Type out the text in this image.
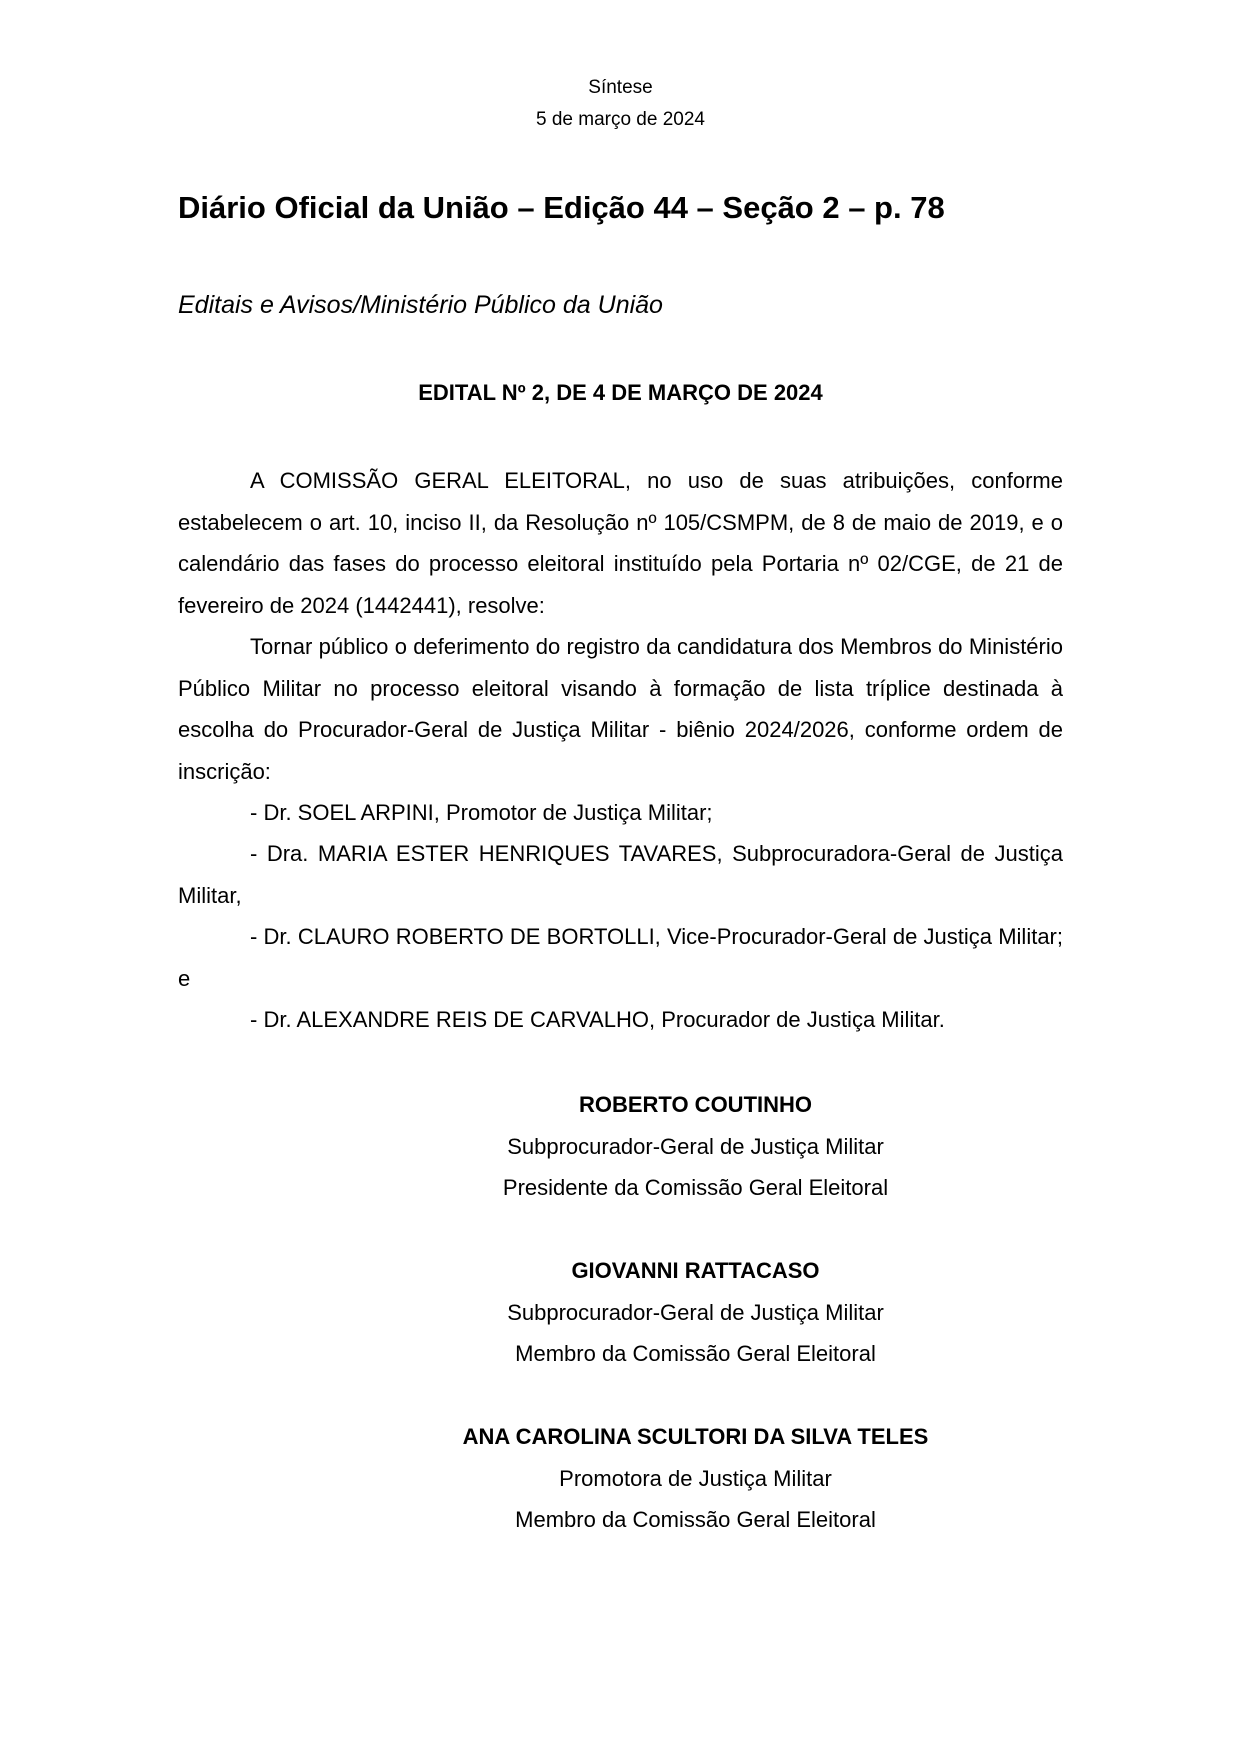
Síntese
5 de março de 2024
Diário Oficial da União – Edição 44 – Seção 2 – p. 78
Editais e Avisos/Ministério Público da União
EDITAL Nº 2, DE 4 DE MARÇO DE 2024

A COMISSÃO GERAL ELEITORAL, no uso de suas atribuições, conforme estabelecem o art. 10, inciso II, da Resolução nº 105/CSMPM, de 8 de maio de 2019, e o calendário das fases do processo eleitoral instituído pela Portaria nº 02/CGE, de 21 de fevereiro de 2024 (1442441), resolve:

Tornar público o deferimento do registro da candidatura dos Membros do Ministério Público Militar no processo eleitoral visando à formação de lista tríplice destinada à escolha do Procurador-Geral de Justiça Militar - biênio 2024/2026, conforme ordem de inscrição:

- Dr. SOEL ARPINI, Promotor de Justiça Militar;

- Dra. MARIA ESTER HENRIQUES TAVARES, Subprocuradora-Geral de Justiça Militar,

- Dr. CLAURO ROBERTO DE BORTOLLI, Vice-Procurador-Geral de Justiça Militar; e

- Dr. ALEXANDRE REIS DE CARVALHO, Procurador de Justiça Militar.

ROBERTO COUTINHO
Subprocurador-Geral de Justiça Militar
Presidente da Comissão Geral Eleitoral
GIOVANNI RATTACASO
Subprocurador-Geral de Justiça Militar
Membro da Comissão Geral Eleitoral
ANA CAROLINA SCULTORI DA SILVA TELES
Promotora de Justiça Militar
Membro da Comissão Geral Eleitoral
